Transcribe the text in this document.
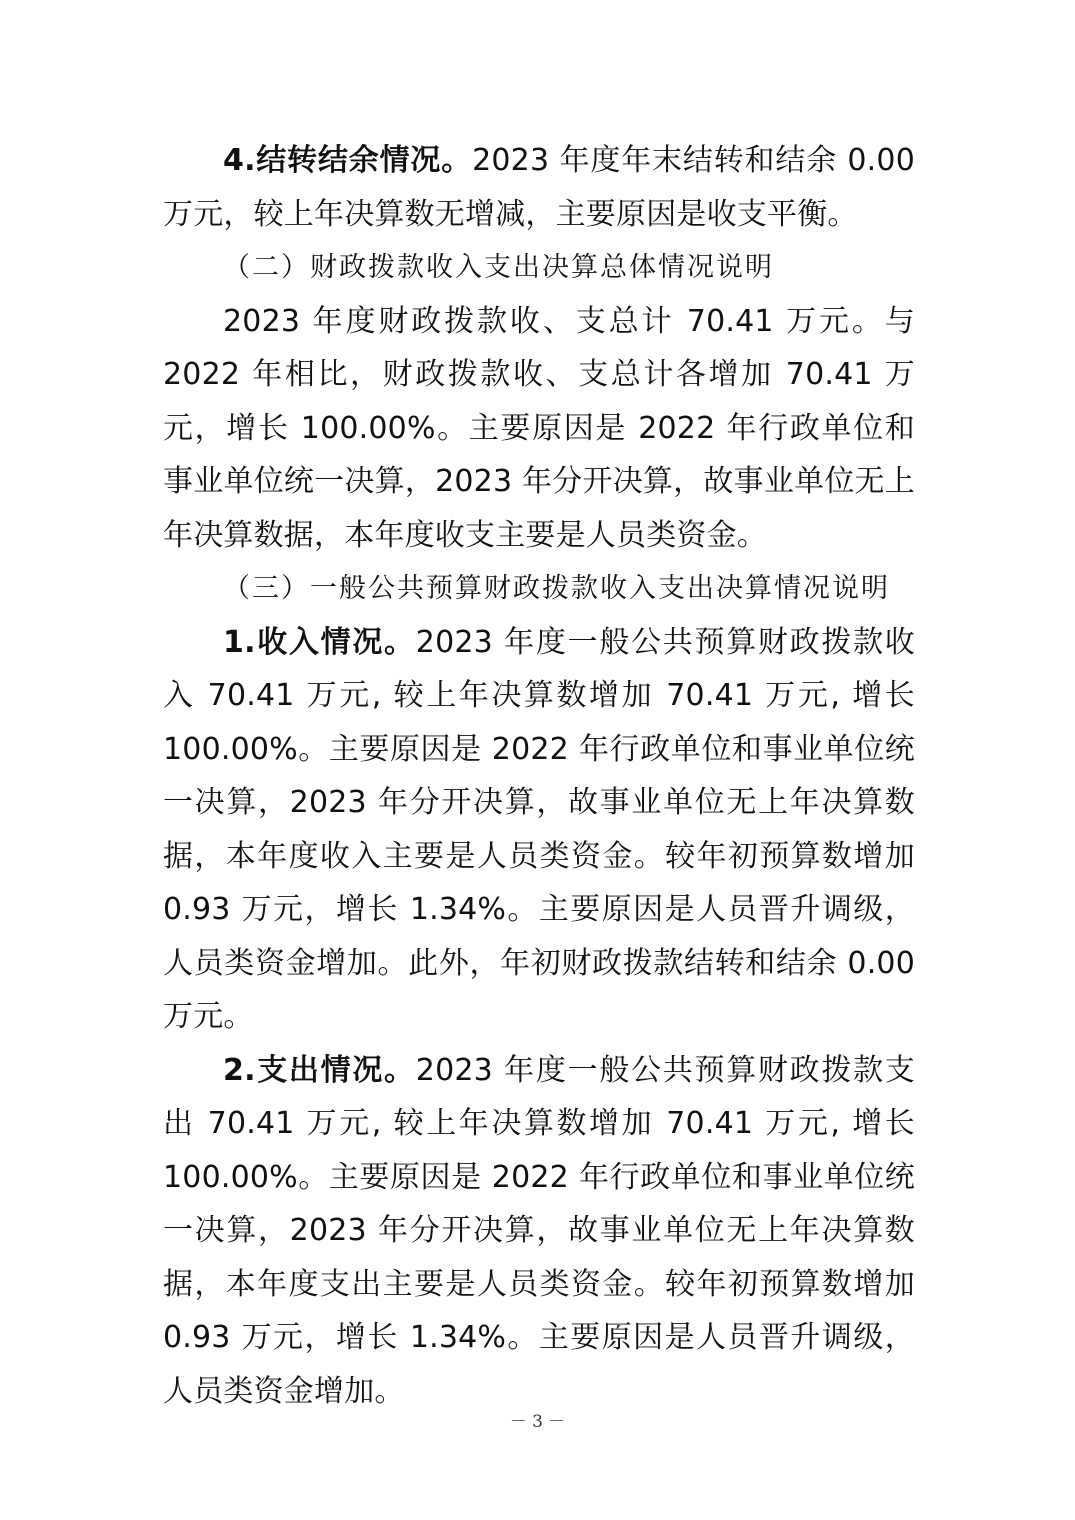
4.结转结余情况。2023 年度年末结转和结余 0.00 万元，较上年决算数无增减，主要原因是收支平衡。

（二）财政拨款收入支出决算总体情况说明

2023 年度财政拨款收、支总计 70.41 万元。与 2022 年相比，财政拨款收、支总计各增加 70.41 万元，增长 100.00%。主要原因是 2022 年行政单位和事业单位统一决算，2023 年分开决算，故事业单位无上年决算数据，本年度收支主要是人员类资金。

（三）一般公共预算财政拨款收入支出决算情况说明

1.收入情况。2023 年度一般公共预算财政拨款收入 70.41 万元, 较上年决算数增加 70.41 万元, 增长 100.00%。主要原因是 2022 年行政单位和事业单位统一决算，2023 年分开决算，故事业单位无上年决算数据，本年度收入主要是人员类资金。较年初预算数增加 0.93 万元，增长 1.34%。主要原因是人员晋升调级，人员类资金增加。此外，年初财政拨款结转和结余 0.00 万元。

2.支出情况。2023 年度一般公共预算财政拨款支出 70.41 万元, 较上年决算数增加 70.41 万元, 增长 100.00%。主要原因是 2022 年行政单位和事业单位统一决算，2023 年分开决算，故事业单位无上年决算数据，本年度支出主要是人员类资金。较年初预算数增加 0.93 万元，增长 1.34%。主要原因是人员晋升调级，人员类资金增加。

－ 3 －
